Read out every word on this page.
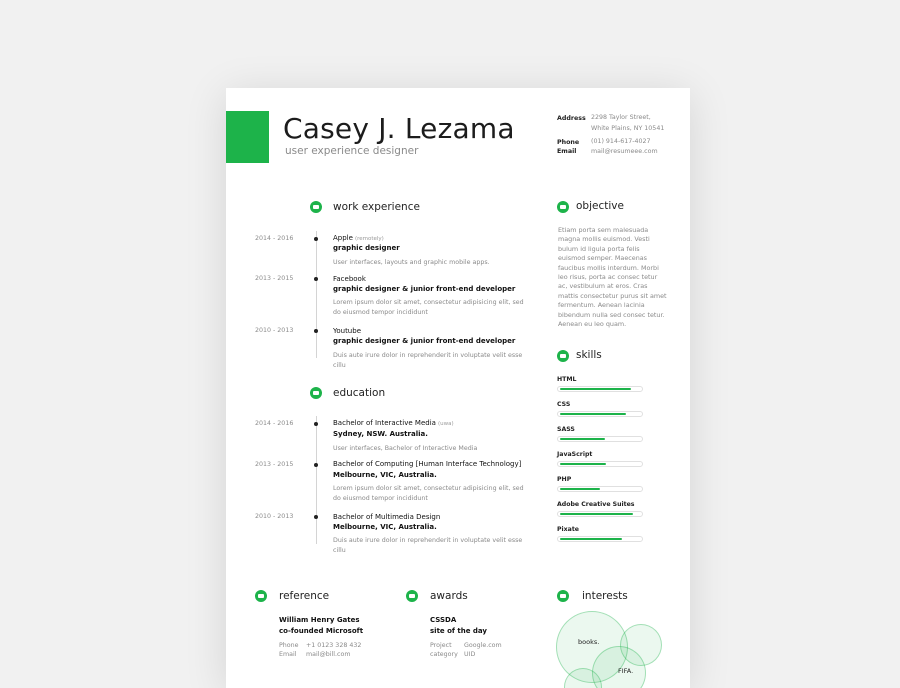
Casey J. Lezama
user experience designer
Address 2298 Taylor Street,
White Plains, NY 10541
Phone (01) 914-617-4027
Email mail@resumeee.com
work experience
2014 - 2016	Apple (remotely)
graphic designer
User interfaces, layouts and graphic mobile apps.
2013 - 2015	Facebook
graphic designer & junior front-end developer
Lorem ipsum dolor sit amet, consectetur adipisicing elit, sed do eiusmod tempor incididunt
2010 - 2013	Youtube
graphic designer & junior front-end developer
Duis aute irure dolor in reprehenderit in voluptate velit esse cillu
education
2014 - 2016	Bachelor of Interactive Media (uwa)
Sydney, NSW. Australia.
User interfaces, Bachelor of Interactive Media
2013 - 2015	Bachelor of Computing [Human Interface Technology]
Melbourne, VIC, Australia.
Lorem ipsum dolor sit amet, consectetur adipisicing elit, sed do eiusmod tempor incididunt
2010 - 2013	Bachelor of Multimedia Design
Melbourne, VIC, Australia.
Duis aute irure dolor in reprehenderit in voluptate velit esse cillu
objective
Etiam porta sem malesuada magna mollis euismod. Vesti bulum id ligula porta felis euismod semper. Maecenas faucibus mollis interdum. Morbi leo risus, porta ac consec tetur ac, vestibulum at eros. Cras mattis consectetur purus sit amet fermentum. Aenean lacinia bibendum nulla sed consec tetur. Aenean eu leo quam.
skills
reference
William Henry Gates
co-founded Microsoft
Phone +1 0123 328 432
Email mail@bill.com
awards
CSSDA
site of the day
Project Google.com
category UID
interests
books.
FIFA.
HTML
CSS
SASS
JavaScript
PHP
Adobe Creative Suites
Pixate
